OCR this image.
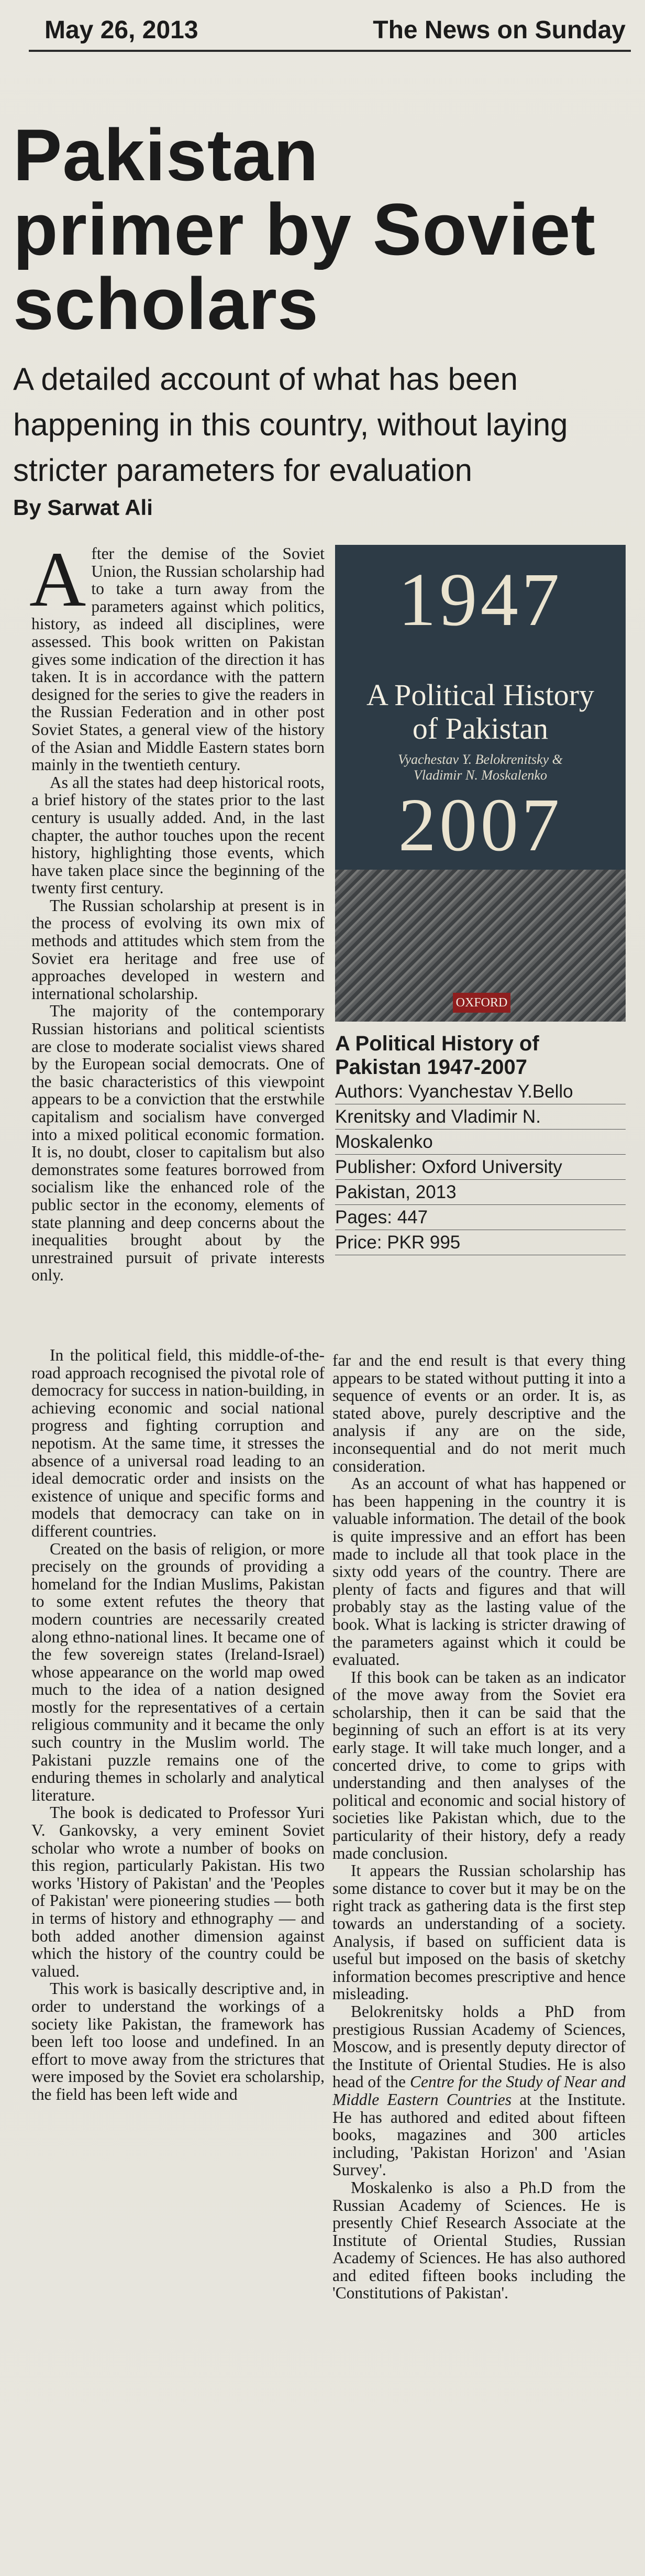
May 26, 2013	The News on Sunday
Pakistan
primer by Soviet
scholars
A detailed account of what has been
happening in this country, without laying
stricter parameters for evaluation
By Sarwat Ali

After the demise of the Soviet Union, the Russian scholarship had to take a turn away from the parameters against which politics, history, as indeed all disciplines, were assessed. This book written on Pakistan gives some indication of the direction it has taken. It is in accordance with the pattern designed for the series to give the readers in the Russian Federation and in other post Soviet States, a general view of the history of the Asian and Middle Eastern states born mainly in the twentieth century.

As all the states had deep historical roots, a brief history of the states prior to the last century is usually added. And, in the last chapter, the author touches upon the recent history, highlighting those events, which have taken place since the beginning of the twenty first century.

The Russian scholarship at present is in the process of evolving its own mix of methods and attitudes which stem from the Soviet era heritage and free use of approaches developed in western and international scholarship.

The majority of the contemporary Russian historians and political scientists are close to moderate socialist views shared by the European social democrats. One of the basic characteristics of this viewpoint appears to be a conviction that the erstwhile capitalism and socialism have converged into a mixed political economic formation. It is, no doubt, closer to capitalism but also demonstrates some features borrowed from socialism like the enhanced role of the public sector in the economy, elements of state planning and deep concerns about the inequalities brought about by the unrestrained pursuit of private interests only.

1947
A Political History
of Pakistan
Vyachestav Y. Belokrenitsky &
Vladimir N. Moskalenko
2007
OXFORD
A Political History of
Pakistan 1947-2007
Authors: Vyanchestav Y.Bello
Krenitsky and Vladimir N.
Moskalenko
Publisher: Oxford University
Pakistan, 2013
Pages: 447
Price: PKR 995

In the political field, this middle-of-the-road approach recognised the pivotal role of democracy for success in nation-building, in achieving economic and social national progress and fighting corruption and nepotism. At the same time, it stresses the absence of a universal road leading to an ideal democratic order and insists on the existence of unique and specific forms and models that democracy can take on in different countries.

Created on the basis of religion, or more precisely on the grounds of providing a homeland for the Indian Muslims, Pakistan to some extent refutes the theory that modern countries are necessarily created along ethno-national lines. It became one of the few sovereign states (Ireland-Israel) whose appearance on the world map owed much to the idea of a nation designed mostly for the representatives of a certain religious community and it became the only such country in the Muslim world. The Pakistani puzzle remains one of the enduring themes in scholarly and analytical literature.

The book is dedicated to Professor Yuri V. Gankovsky, a very eminent Soviet scholar who wrote a number of books on this region, particularly Pakistan. His two works 'History of Pakistan' and the 'Peoples of Pakistan' were pioneering studies — both in terms of history and ethnography — and both added another dimension against which the history of the country could be valued.

This work is basically descriptive and, in order to understand the workings of a society like Pakistan, the framework has been left too loose and undefined. In an effort to move away from the strictures that were imposed by the Soviet era scholarship, the field has been left wide and

far and the end result is that every thing appears to be stated without putting it into a sequence of events or an order. It is, as stated above, purely descriptive and the analysis if any are on the side, inconsequential and do not merit much consideration.

As an account of what has happened or has been happening in the country it is valuable information. The detail of the book is quite impressive and an effort has been made to include all that took place in the sixty odd years of the country. There are plenty of facts and figures and that will probably stay as the lasting value of the book. What is lacking is stricter drawing of the parameters against which it could be evaluated.

If this book can be taken as an indicator of the move away from the Soviet era scholarship, then it can be said that the beginning of such an effort is at its very early stage. It will take much longer, and a concerted drive, to come to grips with understanding and then analyses of the political and economic and social history of societies like Pakistan which, due to the particularity of their history, defy a ready made conclusion.

It appears the Russian scholarship has some distance to cover but it may be on the right track as gathering data is the first step towards an understanding of a society. Analysis, if based on sufficient data is useful but imposed on the basis of sketchy information becomes prescriptive and hence misleading.

Belokrenitsky holds a PhD from prestigious Russian Academy of Sciences, Moscow, and is presently deputy director of the Institute of Oriental Studies. He is also head of the Centre for the Study of Near and Middle Eastern Countries at the Institute. He has authored and edited about fifteen books, magazines and 300 articles including, 'Pakistan Horizon' and 'Asian Survey'.

Moskalenko is also a Ph.D from the Russian Academy of Sciences. He is presently Chief Research Associate at the Institute of Oriental Studies, Russian Academy of Sciences. He has also authored and edited fifteen books including the 'Constitutions of Pakistan'.
